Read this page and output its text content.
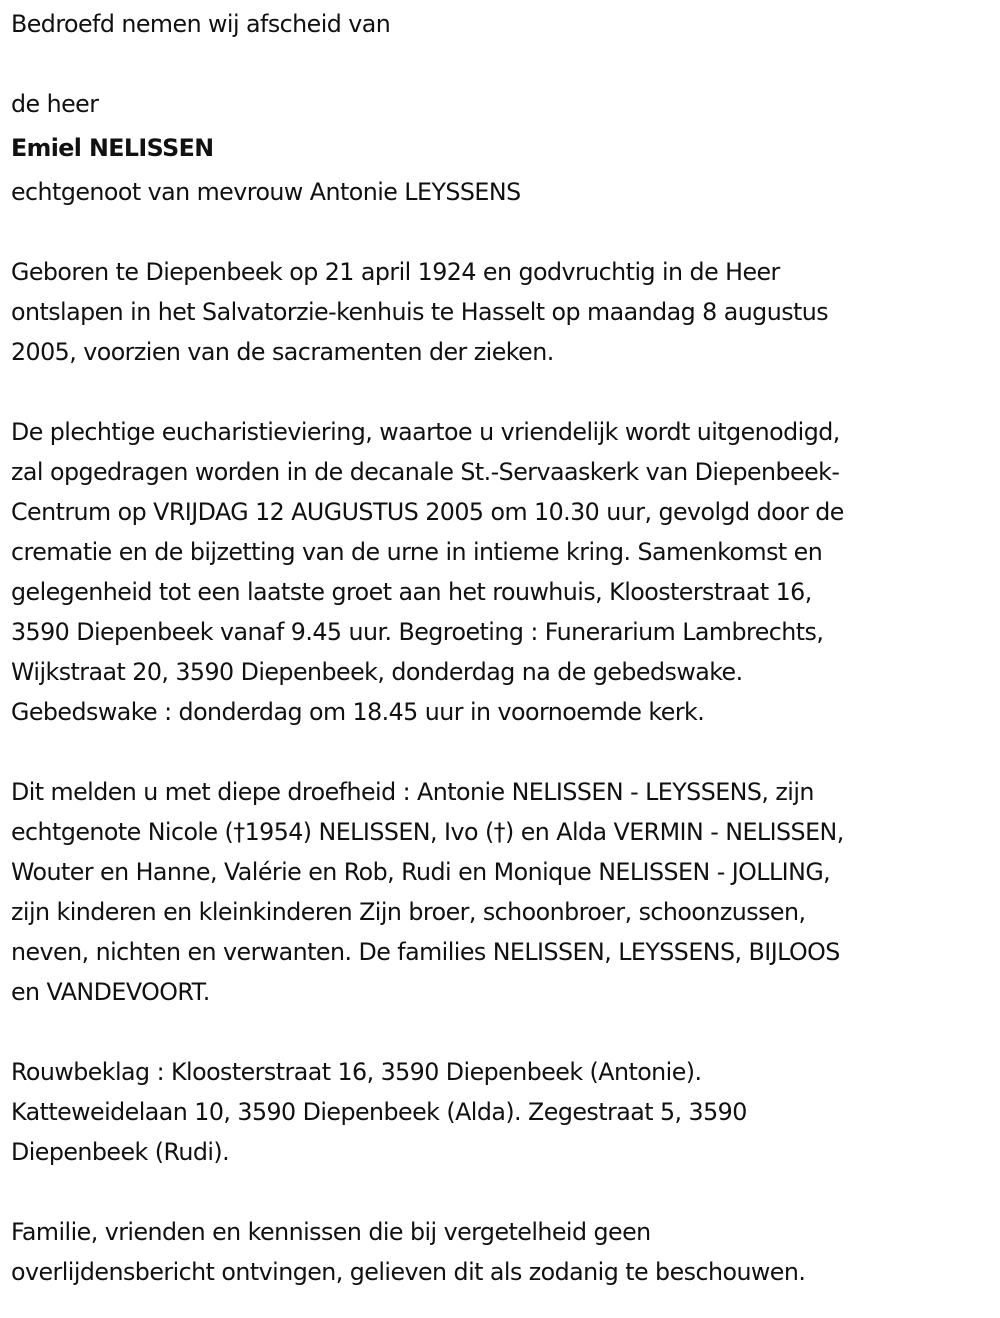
Bedroefd nemen wij afscheid van
de heer
Emiel NELISSEN
echtgenoot van mevrouw Antonie LEYSSENS
Geboren te Diepenbeek op 21 april 1924 en godvruchtig in de Heer
ontslapen in het Salvatorzie-kenhuis te Hasselt op maandag 8 augustus
2005, voorzien van de sacramenten der zieken.
De plechtige eucharistieviering, waartoe u vriendelijk wordt uitgenodigd,
zal opgedragen worden in de decanale St.-Servaaskerk van Diepenbeek-
Centrum op VRIJDAG 12 AUGUSTUS 2005 om 10.30 uur, gevolgd door de
crematie en de bijzetting van de urne in intieme kring. Samenkomst en
gelegenheid tot een laatste groet aan het rouwhuis, Kloosterstraat 16,
3590 Diepenbeek vanaf 9.45 uur. Begroeting : Funerarium Lambrechts,
Wijkstraat 20, 3590 Diepenbeek, donderdag na de gebedswake.
Gebedswake : donderdag om 18.45 uur in voornoemde kerk.
Dit melden u met diepe droefheid : Antonie NELISSEN - LEYSSENS, zijn
echtgenote Nicole (†1954) NELISSEN, Ivo (†) en Alda VERMIN - NELISSEN,
Wouter en Hanne, Valérie en Rob, Rudi en Monique NELISSEN - JOLLING,
zijn kinderen en kleinkinderen Zijn broer, schoonbroer, schoonzussen,
neven, nichten en verwanten. De families NELISSEN, LEYSSENS, BIJLOOS
en VANDEVOORT.
Rouwbeklag : Kloosterstraat 16, 3590 Diepenbeek (Antonie).
Katteweidelaan 10, 3590 Diepenbeek (Alda). Zegestraat 5, 3590
Diepenbeek (Rudi).
Familie, vrienden en kennissen die bij vergetelheid geen
overlijdensbericht ontvingen, gelieven dit als zodanig te beschouwen.
